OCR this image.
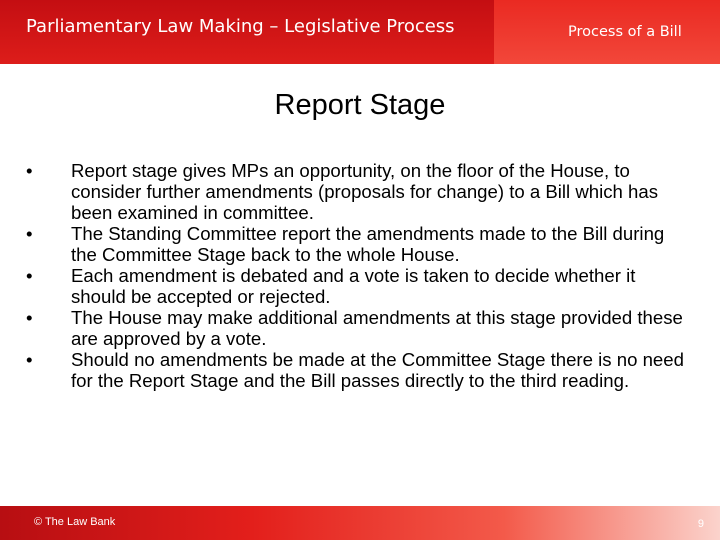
Parliamentary Law Making – Legislative Process	Process of a Bill
Report Stage
•	Report stage gives MPs an opportunity, on the floor of the House, to consider further amendments (proposals for change) to a Bill which has been examined in committee.
•	The Standing Committee report the amendments made to the Bill during the Committee Stage back to the whole House.
•	Each amendment is debated and a vote is taken to decide whether it should be accepted or rejected.
•	The House may make additional amendments at this stage provided these are approved by a vote.
•	Should no amendments be made at the Committee Stage there is no need for the Report Stage and the Bill passes directly to the third reading.
© The Law Bank	9
